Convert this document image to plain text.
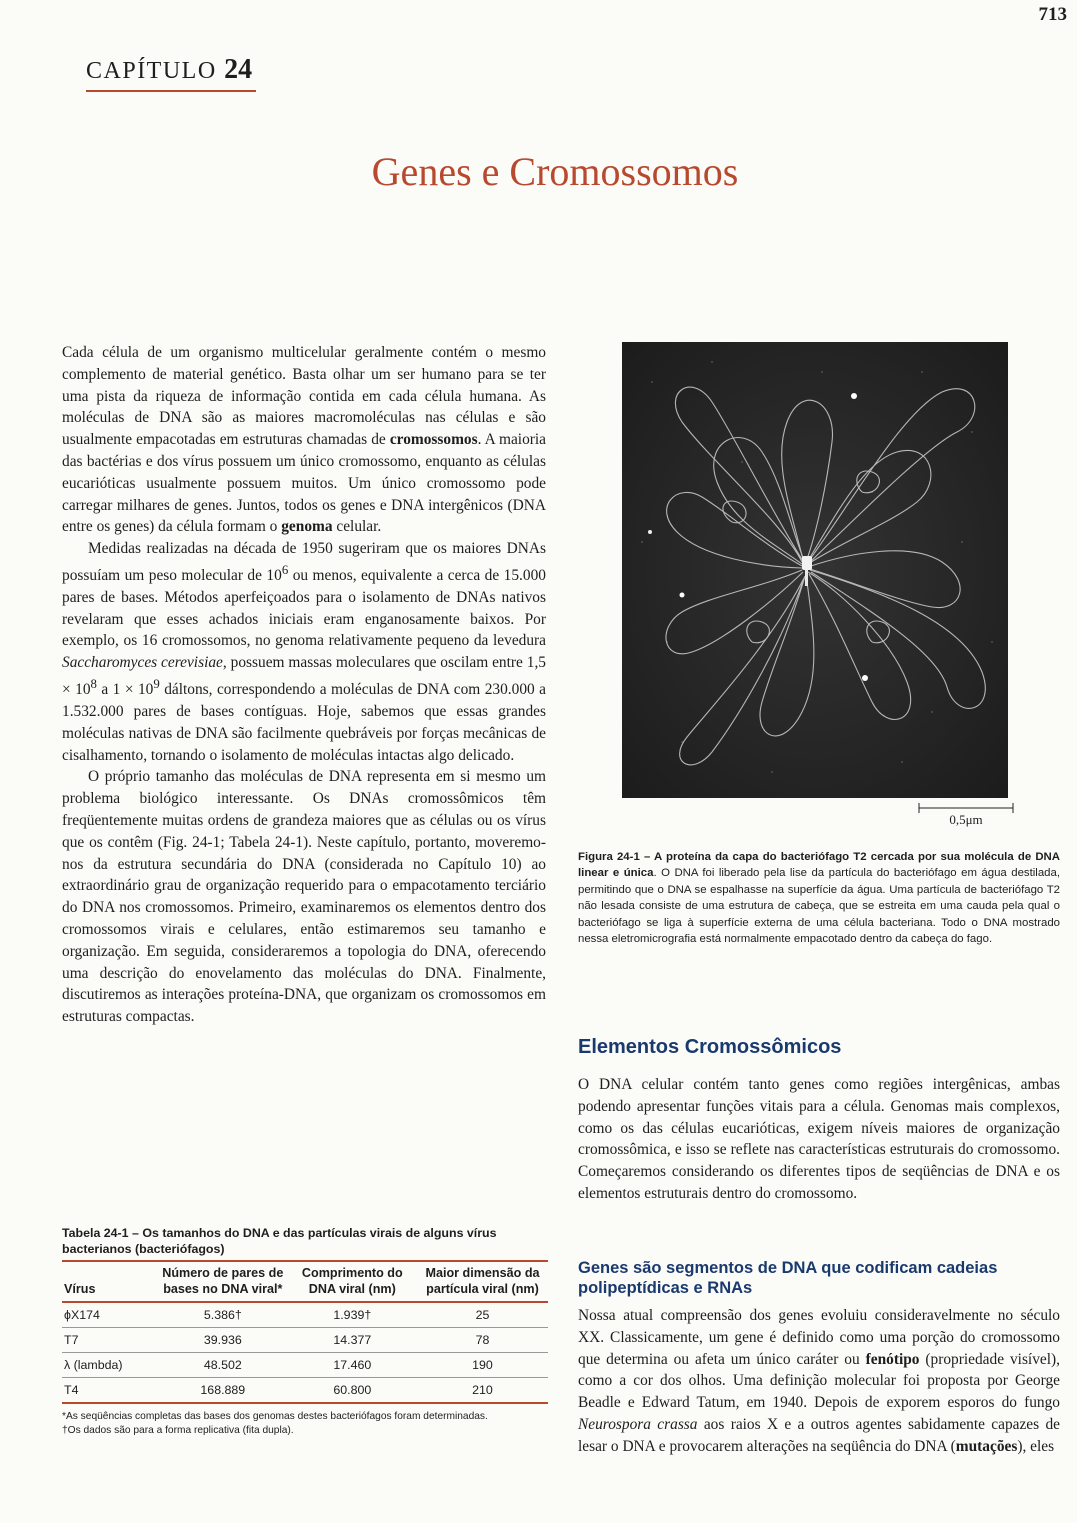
713
CAPÍTULO 24
Genes e Cromossomos

Cada célula de um organismo multicelular geralmente contém o mesmo complemento de material genético. Basta olhar um ser humano para se ter uma pista da riqueza de informação contida em cada célula humana. As moléculas de DNA são as maiores macromoléculas nas células e são usualmente empacotadas em estruturas chamadas de cromossomos. A maioria das bactérias e dos vírus possuem um único cromossomo, enquanto as células eucarióticas usualmente possuem muitos. Um único cromossomo pode carregar milhares de genes. Juntos, todos os genes e DNA intergênicos (DNA entre os genes) da célula formam o genoma celular.

Medidas realizadas na década de 1950 sugeriram que os maiores DNAs possuíam um peso molecular de $10^6$ ou menos, equivalente a cerca de 15.000 pares de bases. Métodos aperfeiçoados para o isolamento de DNAs nativos revelaram que esses achados iniciais eram enganosamente baixos. Por exemplo, os 16 cromossomos, no genoma relativamente pequeno da levedura Saccharomyces cerevisiae, possuem massas moleculares que oscilam entre $1,5 \times 10^8$ a $1 \times 10^9$ dáltons, correspondendo a moléculas de DNA com 230.000 a 1.532.000 pares de bases contíguas. Hoje, sabemos que essas grandes moléculas nativas de DNA são facilmente quebráveis por forças mecânicas de cisalhamento, tornando o isolamento de moléculas intactas algo delicado.

O próprio tamanho das moléculas de DNA representa em si mesmo um problema biológico interessante. Os DNAs cromossômicos têm freqüentemente muitas ordens de grandeza maiores que as células ou os vírus que os contêm (Fig. 24-1; Tabela 24-1). Neste capítulo, portanto, moveremo-nos da estrutura secundária do DNA (considerada no Capítulo 10) ao extraordinário grau de organização requerido para o empacotamento terciário do DNA nos cromossomos. Primeiro, examinaremos os elementos dentro dos cromossomos virais e celulares, então estimaremos seu tamanho e organização. Em seguida, consideraremos a topologia do DNA, oferecendo uma descrição do enovelamento das moléculas do DNA. Finalmente, discutiremos as interações proteína-DNA, que organizam os cromossomos em estruturas compactas.

0,5μm
Figura 24-1 – A proteína da capa do bacteriófago T2 cercada por sua molécula de DNA linear e única. O DNA foi liberado pela lise da partícula do bacteriófago em água destilada, permitindo que o DNA se espalhasse na superfície da água. Uma partícula de bacteriófago T2 não lesada consiste de uma estrutura de cabeça, que se estreita em uma cauda pela qual o bacteriófago se liga à superfície externa de uma célula bacteriana. Todo o DNA mostrado nessa eletromicrografia está normalmente empacotado dentro da cabeça do fago.
Elementos Cromossômicos

O DNA celular contém tanto genes como regiões intergênicas, ambas podendo apresentar funções vitais para a célula. Genomas mais complexos, como os das células eucarióticas, exigem níveis maiores de organização cromossômica, e isso se reflete nas características estruturais do cromossomo. Começaremos considerando os diferentes tipos de seqüências de DNA e os elementos estruturais dentro do cromossomo.

Genes são segmentos de DNA que codificam cadeias polipeptídicas e RNAs

Nossa atual compreensão dos genes evoluiu consideravelmente no século XX. Classicamente, um gene é definido como uma porção do cromossomo que determina ou afeta um único caráter ou fenótipo (propriedade visível), como a cor dos olhos. Uma definição molecular foi proposta por George Beadle e Edward Tatum, em 1940. Depois de exporem esporos do fungo Neurospora crassa aos raios X e a outros agentes sabidamente capazes de lesar o DNA e provocarem alterações na seqüência do DNA (mutações), eles

Tabela 24-1 – Os tamanhos do DNA e das partículas virais de alguns vírus bacterianos (bacteriófagos)
Vírus	Número de pares de bases no DNA viral*	Comprimento do DNA viral (nm)	Maior dimensão da partícula viral (nm)
ϕX174	5.386†	1.939†	25
T7	39.936	14.377	78
λ (lambda)	48.502	17.460	190
T4	168.889	60.800	210

*As seqüências completas das bases dos genomas destes bacteriófagos foram determinadas.

†Os dados são para a forma replicativa (fita dupla).
